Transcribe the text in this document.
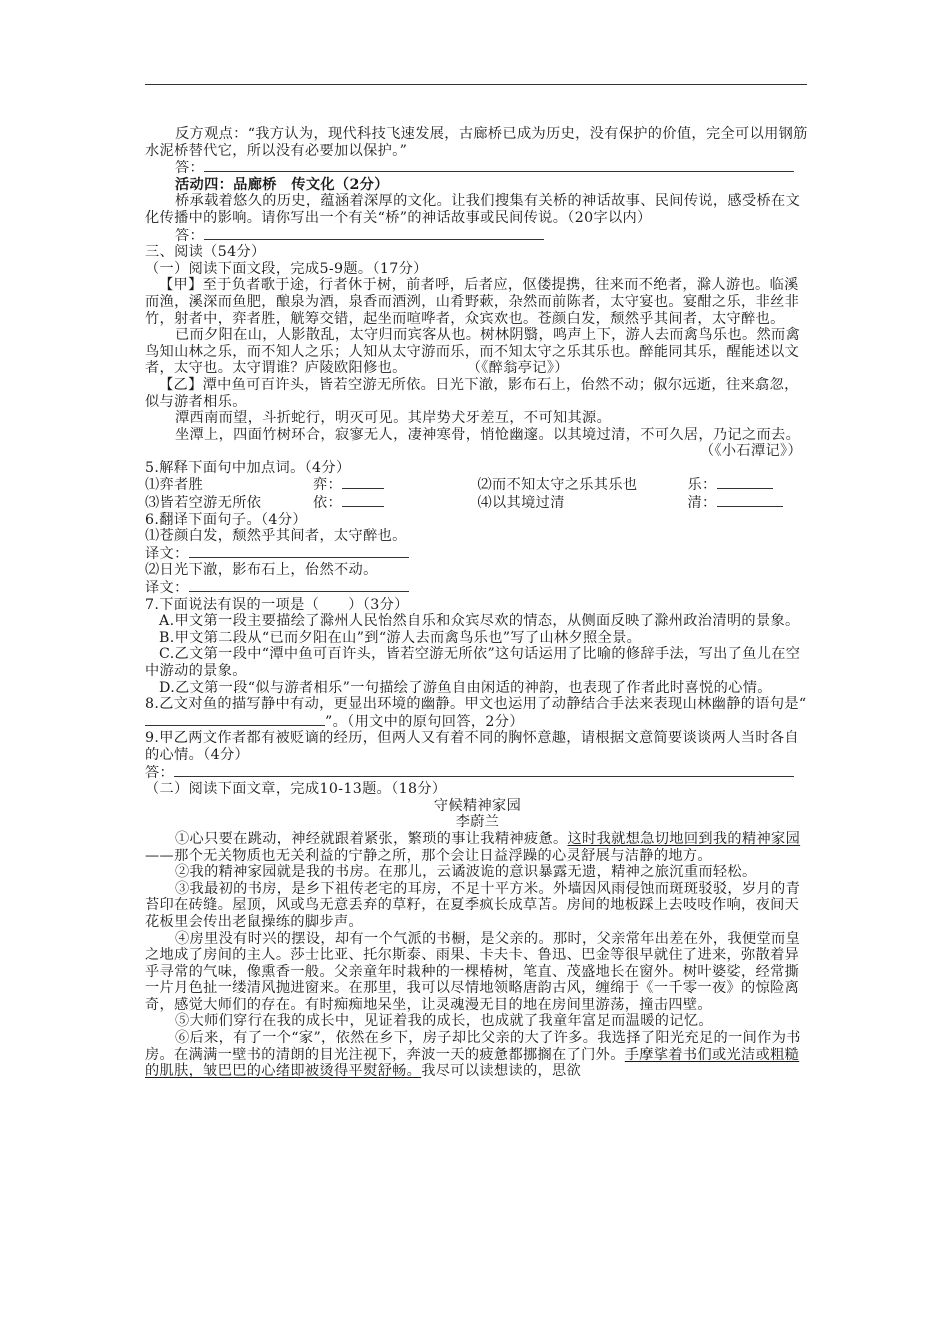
反方观点：“我方认为，现代科技飞速发展，古廊桥已成为历史，没有保护的价值，完全可以用钢筋水泥桥替代它，所以没有必要加以保护。”

答：

活动四：品廊桥　传文化（2分）

桥承载着悠久的历史，蕴涵着深厚的文化。让我们搜集有关桥的神话故事、民间传说，感受桥在文化传播中的影响。请你写出一个有关“桥”的神话故事或民间传说。（20字以内）

答：

三、阅读（54分）

（一）阅读下面文段，完成5-9题。（17分）

【甲】至于负者歌于途，行者休于树，前者呼，后者应，伛偻提携，往来而不绝者，滁人游也。临溪而渔，溪深而鱼肥，酿泉为酒，泉香而酒洌，山肴野蔌，杂然而前陈者，太守宴也。宴酣之乐，非丝非竹，射者中，弈者胜，觥筹交错，起坐而喧哗者，众宾欢也。苍颜白发，颓然乎其间者，太守醉也。

已而夕阳在山，人影散乱，太守归而宾客从也。树林阴翳，鸣声上下，游人去而禽鸟乐也。然而禽鸟知山林之乐，而不知人之乐；人知从太守游而乐，而不知太守之乐其乐也。醉能同其乐，醒能述以文者，太守也。太守谓谁？庐陵欧阳修也。	（《醉翁亭记》）

【乙】潭中鱼可百许头，皆若空游无所依。日光下澈，影布石上，佁然不动；俶尔远逝，往来翕忽，似与游者相乐。

潭西南而望，斗折蛇行，明灭可见。其岸势犬牙差互，不可知其源。

坐潭上，四面竹树环合，寂寥无人，凄神寒骨，悄怆幽邃。以其境过清，不可久居，乃记之而去。

（《小石潭记》）

5.解释下面句中加点词。（4分）

⑴弈者胜	弈：	⑵而不知太守之乐其乐也	乐：

⑶皆若空游无所依	依：	⑷以其境过清	清：

6.翻译下面句子。（4分）

⑴苍颜白发，颓然乎其间者，太守醉也。

译文：

⑵日光下澈，影布石上，佁然不动。

译文：

7.下面说法有误的一项是（　　）（3分）

A.甲文第一段主要描绘了滁州人民怡然自乐和众宾尽欢的情态，从侧面反映了滁州政治清明的景象。

B.甲文第二段从“已而夕阳在山”到“游人去而禽鸟乐也”写了山林夕照全景。

C.乙文第一段中“潭中鱼可百许头，皆若空游无所依”这句话运用了比喻的修辞手法，写出了鱼儿在空中游动的景象。

D.乙文第一段“似与游者相乐”一句描绘了游鱼自由闲适的神韵，也表现了作者此时喜悦的心情。

8.乙文对鱼的描写静中有动，更显出环境的幽静。甲文也运用了动静结合手法来表现山林幽静的语句是“”。（用文中的原句回答，2分）

9.甲乙两文作者都有被贬谪的经历，但两人又有着不同的胸怀意趣，请根据文意简要谈谈两人当时各自的心情。（4分）

答：

（二）阅读下面文章，完成10-13题。（18分）

守候精神家园

李蔚兰

①心只要在跳动，神经就跟着紧张，繁琐的事让我精神疲惫。这时我就想急切地回到我的精神家园——那个无关物质也无关利益的宁静之所，那个会让日益浮躁的心灵舒展与洁静的地方。

②我的精神家园就是我的书房。在那儿，云谲波诡的意识暴露无遗，精神之旅沉重而轻松。

③我最初的书房，是乡下祖传老宅的耳房，不足十平方米。外墙因风雨侵蚀而斑斑驳驳，岁月的青苔印在砖缝。屋顶，风或鸟无意丢弃的草籽，在夏季疯长成草苫。房间的地板踩上去吱吱作响，夜间天花板里会传出老鼠操练的脚步声。

④房里没有时兴的摆设，却有一个气派的书橱，是父亲的。那时，父亲常年出差在外，我便堂而皇之地成了房间的主人。莎士比亚、托尔斯泰、雨果、卡夫卡、鲁迅、巴金等很早就住了进来，弥散着异乎寻常的气味，像熏香一般。父亲童年时栽种的一棵椿树，笔直、茂盛地长在窗外。树叶婆娑，经常撕一片月色扯一缕清风抛进窗来。在那里，我可以尽情地领略唐韵古风，缠绵于《一千零一夜》的惊险离奇，感觉大师们的存在。有时痴痴地呆坐，让灵魂漫无目的地在房间里游荡，撞击四壁。

⑤大师们穿行在我的成长中，见证着我的成长，也成就了我童年富足而温暖的记忆。

⑥后来，有了一个“家”，依然在乡下，房子却比父亲的大了许多。我选择了阳光充足的一间作为书房。在满满一壁书的清朗的目光注视下，奔波一天的疲惫都挪搁在了门外。手摩挲着书们或光洁或粗糙的肌肤，皱巴巴的心绪即被烫得平熨舒畅。我尽可以读想读的，思欲
